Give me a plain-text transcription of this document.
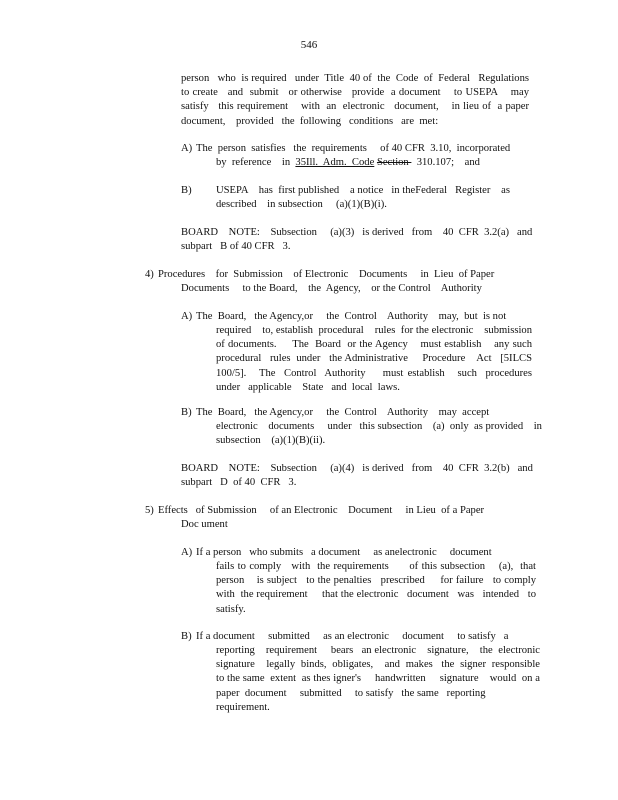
546
person   who  is required   under  Title  40 of  the  Code  of  Federal   Regulations
to create   and  submit   or otherwise   provide  a document    to USEPA    may
satisfy   this requirement    with  an  electronic   document,    in lieu of  a paper
document,    provided   the  following   conditions   are  met:
A) The  person  satisfies   the  requirements     of 40 CFR  3.10,  incorporated
by  reference    in  35Ill.  Adm.  Code Section   310.107;    and
B) USEPA    has  first published    a notice   in theFederal   Register    as
described    in subsection     (a)(1)(B)(i).
BOARD    NOTE:    Subsection     (a)(3)   is derived   from    40  CFR  3.2(a)   and
subpart   B of 40 CFR   3.
4) Procedures    for  Submission    of Electronic    Documents     in  Lieu  of Paper
Documents     to the Board,    the  Agency,    or the Control    Authority
A) The  Board,   the Agency,or     the  Control    Authority    may,  but  is not
required    to, establish  procedural    rules  for the electronic    submission
of documents.     The  Board  or the Agency    must establish    any such
procedural   rules  under   the Administrative     Procedure    Act   [5ILCS
100/5].   The  Control  Authority    must establish   such  procedures
under   applicable    State   and  local  laws.
B) The  Board,   the Agency,or     the  Control    Authority    may  accept
electronic    documents     under   this subsection    (a)  only  as provided    in
subsection    (a)(1)(B)(ii).
BOARD    NOTE:    Subsection     (a)(4)   is derived   from    40  CFR  3.2(b)   and
subpart   D  of 40  CFR   3.
5) Effects   of Submission     of an Electronic    Document     in Lieu  of a Paper
Doc ument
A) If a person   who submits   a document     as anelectronic     document
fails to comply   with  the requirements      of this subsection    (a),  that
person    is subject   to the penalties   prescribed     for failure   to comply
with  the requirement     that the electronic   document   was   intended   to
satisfy.
B) If a document     submitted     as an electronic     document     to satisfy   a
reporting    requirement     bears   an electronic    signature,    the  electronic
signature    legally  binds,  obligates,    and  makes   the  signer  responsible
to the same  extent  as thes igner's     handwritten     signature    would  on a
paper  document     submitted     to satisfy   the same   reporting
requirement.
